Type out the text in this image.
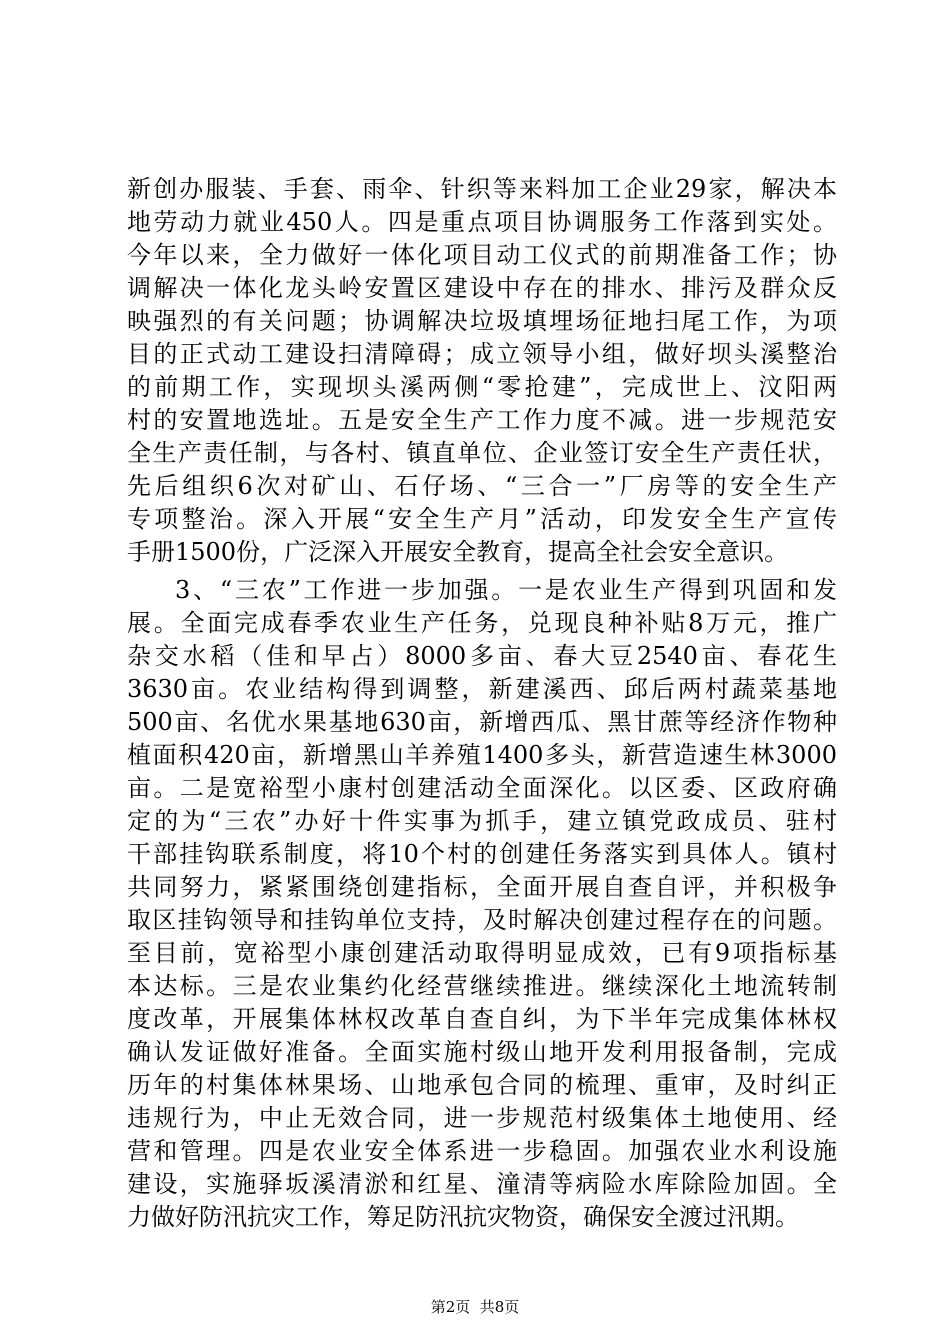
新创办服装、手套、雨伞、针织等来料加工企业29家，解决本
地劳动力就业450人。四是重点项目协调服务工作落到实处。
今年以来，全力做好一体化项目动工仪式的前期准备工作；协
调解决一体化龙头岭安置区建设中存在的排水、排污及群众反
映强烈的有关问题；协调解决垃圾填埋场征地扫尾工作，为项
目的正式动工建设扫清障碍；成立领导小组，做好坝头溪整治
的前期工作，实现坝头溪两侧“零抢建”，完成世上、汶阳两
村的安置地选址。五是安全生产工作力度不减。进一步规范安
全生产责任制，与各村、镇直单位、企业签订安全生产责任状，
先后组织6次对矿山、石仔场、“三合一”厂房等的安全生产
专项整治。深入开展“安全生产月”活动，印发安全生产宣传
手册1500份，广泛深入开展安全教育，提高全社会安全意识。
3、“三农”工作进一步加强。一是农业生产得到巩固和发
展。全面完成春季农业生产任务，兑现良种补贴8万元，推广
杂交水稻（佳和早占）8000多亩、春大豆2540亩、春花生
3630亩。农业结构得到调整，新建溪西、邱后两村蔬菜基地
500亩、名优水果基地630亩，新增西瓜、黑甘蔗等经济作物种
植面积420亩，新增黑山羊养殖1400多头，新营造速生林3000
亩。二是宽裕型小康村创建活动全面深化。以区委、区政府确
定的为“三农”办好十件实事为抓手，建立镇党政成员、驻村
干部挂钩联系制度，将10个村的创建任务落实到具体人。镇村
共同努力，紧紧围绕创建指标，全面开展自查自评，并积极争
取区挂钩领导和挂钩单位支持，及时解决创建过程存在的问题。
至目前，宽裕型小康创建活动取得明显成效，已有9项指标基
本达标。三是农业集约化经营继续推进。继续深化土地流转制
度改革，开展集体林权改革自查自纠，为下半年完成集体林权
确认发证做好准备。全面实施村级山地开发利用报备制，完成
历年的村集体林果场、山地承包合同的梳理、重审，及时纠正
违规行为，中止无效合同，进一步规范村级集体土地使用、经
营和管理。四是农业安全体系进一步稳固。加强农业水利设施
建设，实施驿坂溪清淤和红星、潼清等病险水库除险加固。全
力做好防汛抗灾工作，筹足防汛抗灾物资，确保安全渡过汛期。
第2页  共8页
